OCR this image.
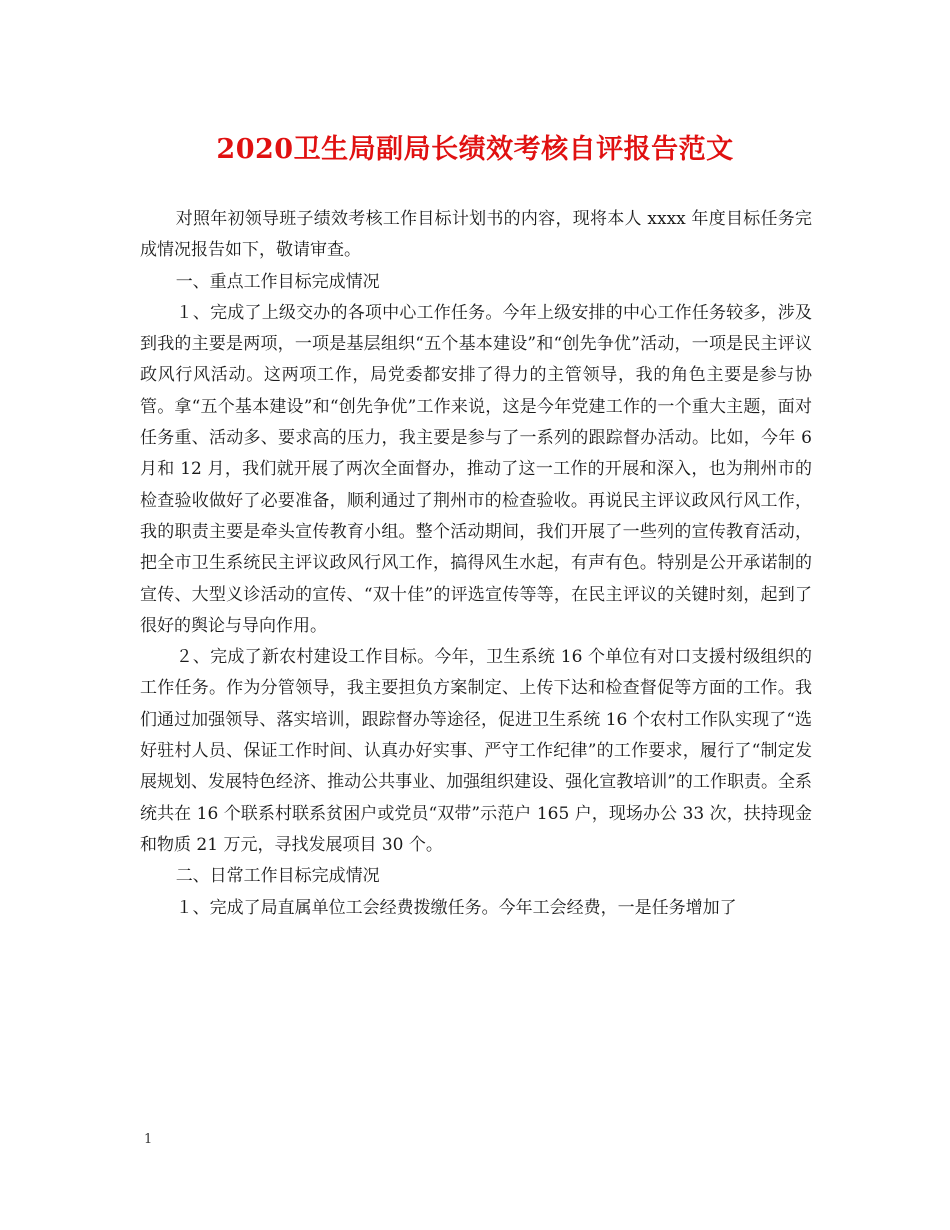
2020卫生局副局长绩效考核自评报告范文

对照年初领导班子绩效考核工作目标计划书的内容，现将本人 xxxx 年度目标任务完成情况报告如下，敬请审查。

一、重点工作目标完成情况

１、完成了上级交办的各项中心工作任务。今年上级安排的中心工作任务较多，涉及到我的主要是两项，一项是基层组织“五个基本建设”和“创先争优”活动，一项是民主评议政风行风活动。这两项工作，局党委都安排了得力的主管领导，我的角色主要是参与协管。拿“五个基本建设”和“创先争优”工作来说，这是今年党建工作的一个重大主题，面对任务重、活动多、要求高的压力，我主要是参与了一系列的跟踪督办活动。比如，今年 6 月和 12 月，我们就开展了两次全面督办，推动了这一工作的开展和深入，也为荆州市的检查验收做好了必要准备，顺利通过了荆州市的检查验收。再说民主评议政风行风工作，我的职责主要是牵头宣传教育小组。整个活动期间，我们开展了一些列的宣传教育活动，把全市卫生系统民主评议政风行风工作，搞得风生水起，有声有色。特别是公开承诺制的宣传、大型义诊活动的宣传、“双十佳”的评选宣传等等，在民主评议的关键时刻，起到了很好的舆论与导向作用。

２、完成了新农村建设工作目标。今年，卫生系统 16 个单位有对口支援村级组织的工作任务。作为分管领导，我主要担负方案制定、上传下达和检查督促等方面的工作。我们通过加强领导、落实培训，跟踪督办等途径，促进卫生系统 16 个农村工作队实现了“选好驻村人员、保证工作时间、认真办好实事、严守工作纪律”的工作要求，履行了“制定发展规划、发展特色经济、推动公共事业、加强组织建设、强化宣教培训”的工作职责。全系统共在 16 个联系村联系贫困户或党员“双带”示范户 165 户，现场办公 33 次，扶持现金和物质 21 万元，寻找发展项目 30 个。

二、日常工作目标完成情况

１、完成了局直属单位工会经费拨缴任务。今年工会经费，一是任务增加了

1
